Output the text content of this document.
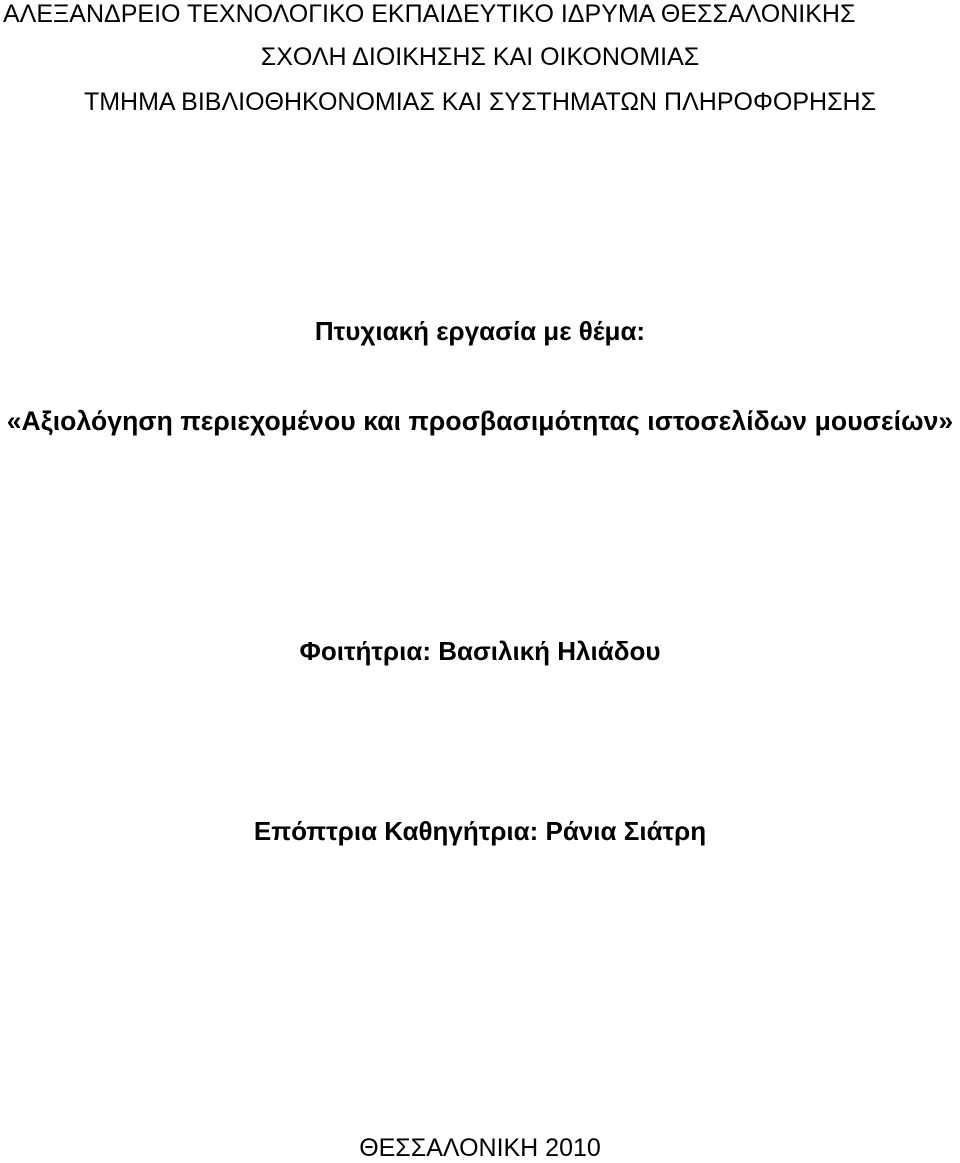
ΑΛΕΞΑΝΔΡΕΙΟ ΤΕΧΝΟΛΟΓΙΚΟ ΕΚΠΑΙΔΕΥΤΙΚΟ ΙΔΡΥΜΑ ΘΕΣΣΑΛΟΝΙΚΗΣ
ΣΧΟΛΗ ΔΙΟΙΚΗΣΗΣ ΚΑΙ ΟΙΚΟΝΟΜΙΑΣ
ΤΜΗΜΑ ΒΙΒΛΙΟΘΗΚΟΝΟΜΙΑΣ ΚΑΙ ΣΥΣΤΗΜΑΤΩΝ ΠΛΗΡΟΦΟΡΗΣΗΣ
Πτυχιακή εργασία με θέμα:
«Αξιολόγηση περιεχομένου και προσβασιμότητας ιστοσελίδων μουσείων»
Φοιτήτρια: Βασιλική Ηλιάδου
Επόπτρια Καθηγήτρια: Ράνια Σιάτρη
ΘΕΣΣΑΛΟΝΙΚΗ 2010
